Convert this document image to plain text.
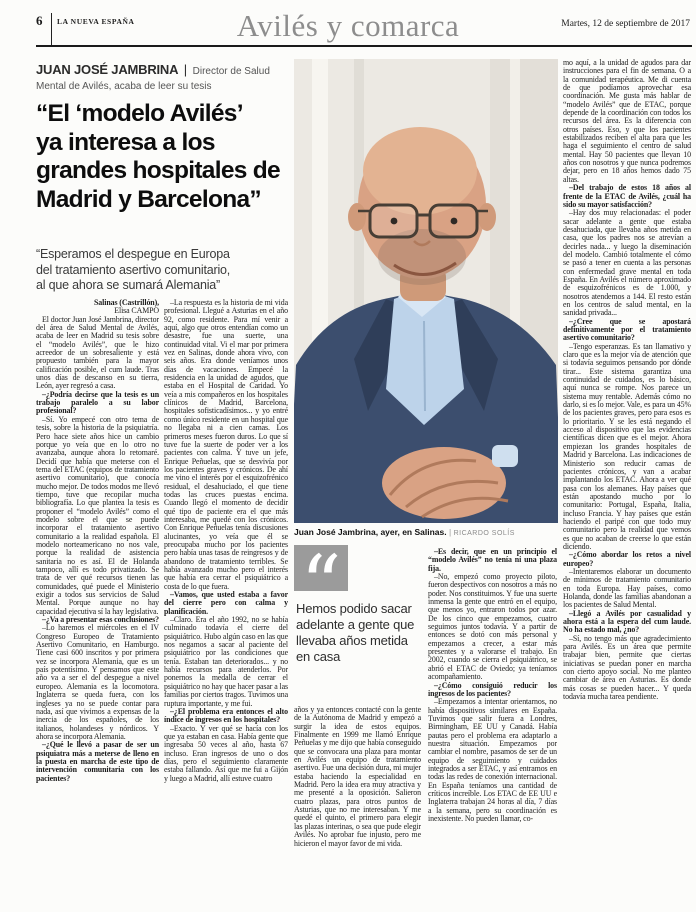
6 LA NUEVA ESPAÑA	Avilés y comarca	Martes, 12 de septiembre de 2017
JUAN JOSÉ JAMBRINA | Director de Salud Mental de Avilés, acaba de leer su tesis
“El ‘modelo Avilés’
ya interesa a los
grandes hospitales de
Madrid y Barcelona”
“Esperamos el despegue en Europa
del tratamiento asertivo comunitario,
al que ahora se sumará Alemania”
Juan José Jambrina, ayer, en Salinas. | RICARDO SOLÍS
Hemos podido sacar adelante a gente que llevaba años metida en casa

Salinas (Castrillón),

Elisa CAMPO

El doctor Juan José Jambrina, director del área de Salud Mental de Avilés, acaba de leer en Madrid su tesis sobre el “modelo Avilés”, que le hizo acreedor de un sobresaliente y está propuesto también para la mayor calificación posible, el cum laude. Tras unos días de descanso en su tierra, León, ayer regresó a casa.

–¿Podría decirse que la tesis es un trabajo paralelo a su labor profesional?

–Sí. Yo empecé con otro tema de tesis, sobre la historia de la psiquiatría. Pero hace siete años hice un cambio porque yo veía que en lo otro no avanzaba, aunque ahora lo retomaré. Decidí que había que meterse con el tema del ETAC (equipos de tratamiento asertivo comunitario), que conocía mucho mejor. De todos modos me llevó tiempo, tuve que recopilar mucha bibliografía. Lo que plantea la tesis es proponer el “modelo Avilés” como el modelo sobre el que se puede incorporar el tratamiento asertivo comunitario a la realidad española. El modelo norteamericano no nos vale, porque la realidad de asistencia sanitaria no es así. El de Holanda tampoco, allí es todo privatizado. Se trata de ver qué recursos tienen las comunidades, qué puede el Ministerio exigir a todos sus servicios de Salud Mental. Porque aunque no hay capacidad ejecutiva sí la hay legislativa.

–¿Va a presentar esas conclusiones?

–Lo haremos el miércoles en el IV Congreso Europeo de Tratamiento Asertivo Comunitario, en Hamburgo. Tiene casi 600 inscritos y por primera vez se incorpora Alemania, que es un país potentísimo. Y pensamos que este año va a ser el del despegue a nivel europeo. Alemania es la locomotora. Inglaterra se queda fuera, con los ingleses ya no se puede contar para nada, así que vivimos a expensas de la inercia de los españoles, de los italianos, holandeses y nórdicos. Y ahora se incorpora Alemania.

–¿Qué le llevó a pasar de ser un psiquiatra más a meterse de lleno en la puesta en marcha de este tipo de intervención comunitaria con los pacientes?

–La respuesta es la historia de mi vida profesional. Llegué a Asturias en el año 92, como residente. Para mí venir a aquí, algo que otros entendían como un desastre, fue una suerte, una continuidad vital. Vi el mar por primera vez en Salinas, donde ahora vivo, con seis años. Era donde veníamos unos días de vacaciones. Empecé la residencia en la unidad de agudos, que estaba en el Hospital de Caridad. Yo veía a mis compañeros en los hospitales clínicos de Madrid, Barcelona, hospitales sofisticadísimos... y yo entré como único residente en un hospital que no llegaba ni a cien camas. Los primeros meses fueron duros. Lo que sí tuve fue la suerte de poder ver a los pacientes con calma. Y tuve un jefe, Enrique Peñuelas, que se desvivía por los pacientes graves y crónicos. De ahí me vino el interés por el esquizofrénico residual, el desahuciado, el que tiene todas las cruces puestas encima. Cuando llegó el momento de decidir qué tipo de paciente era el que más interesaba, me quedé con los crónicos. Con Enrique Peñuelas tenía discusiones alucinantes, yo veía que él se preocupaba mucho por los pacientes pero había unas tasas de reingresos y de abandono de tratamiento terribles. Se había avanzado mucho pero el interés que había era cerrar el psiquiátrico a costa de lo que fuera.

–Vamos, que usted estaba a favor del cierre pero con calma y planificación.

–Claro. Era el año 1992, no se había culminado todavía el cierre del psiquiátrico. Hubo algún caso en las que nos negamos a sacar al paciente del psiquiátrico por las condiciones que tenía. Estaban tan deteriorados... y no había recursos para atenderlos. Por ponernos la medalla de cerrar el psiquiátrico no hay que hacer pasar a las familias por ciertos tragos. Tuvimos una ruptura importante, y me fui.

–¿El problema era entonces el alto índice de ingresos en los hospitales?

–Exacto. Y ver qué se hacía con los que ya estaban en casa. Había gente que ingresaba 50 veces al año, hasta 67 incluso. Eran ingresos de uno o dos días, pero el seguimiento claramente estaba fallando. Así que me fui a Gijón y luego a Madrid, allí estuve cuatro

años y ya entonces contacté con la gente de la Autónoma de Madrid y empezó a surgir la idea de estos equipos. Finalmente en 1999 me llamó Enrique Peñuelas y me dijo que había conseguido que se convocara una plaza para montar en Avilés un equipo de tratamiento asertivo. Fue una decisión dura, mi mujer estaba haciendo la especialidad en Madrid. Pero la idea era muy atractiva y me presenté a la oposición. Salieron cuatro plazas, para otros puntos de Asturias, que no me interesaban. Y me quedé el quinto, el primero para elegir las plazas interinas, o sea que pude elegir Avilés. No aprobar fue injusto, pero me hicieron el mayor favor de mi vida.

–Es decir, que en un principio el “modelo Avilés” no tenía ni una plaza fija.

–No, empezó como proyecto piloto, fueron despectivos con nosotros a más no poder. Nos constituimos. Y fue una suerte inmensa la gente que entró en el equipo, que menos yo, entraron todos por azar. De los cinco que empezamos, cuatro seguimos juntos todavía. Y a partir de entonces se dotó con más personal y empezamos a crecer, a estar más presentes y a valorarse el trabajo. En 2002, cuando se cierra el psiquiátrico, se abrió el ETAC de Oviedo; ya teníamos acompañamiento.

–¿Cómo consiguió reducir los ingresos de los pacientes?

–Empezamos a intentar orientarnos, no había dispositivos similares en España. Tuvimos que salir fuera a Londres, Birmingham, EE UU y Canadá. Había pautas pero el problema era adaptarlo a nuestra situación. Empezamos por cambiar el nombre, pasamos de ser de un equipo de seguimiento y cuidados integrados a ser ETAC, y así entramos en todas las redes de conexión internacional. En España teníamos una cantidad de críticos increíble. Los ETAC de EE UU e Inglaterra trabajan 24 horas al día, 7 días a la semana, pero su coordinación es inexistente. No pueden llamar, co-

mo aquí, a la unidad de agudos para dar instrucciones para el fin de semana. O a la comunidad terapéutica. Me di cuenta de que podíamos aprovechar esa coordinación. Me gusta más hablar de “modelo Avilés” que de ETAC, porque depende de la coordinación con todos los recursos del área. Es la diferencia con otros países. Eso, y que los pacientes estabilizados reciben el alta para que les haga el seguimiento el centro de salud mental. Hay 50 pacientes que llevan 10 años con nosotros y que nunca podremos dejar, pero en 18 años hemos dado 75 altas.

–Del trabajo de estos 18 años al frente de la ETAC de Avilés, ¿cuál ha sido su mayor satisfacción?

–Hay dos muy relacionadas: el poder sacar adelante a gente que estaba desahuciada, que llevaba años metida en casa, que los padres nos se atrevían a decirles nada... y luego la diseminación del modelo. Cambió totalmente el cómo se pasó a tener en cuenta a las personas con enfermedad grave mental en toda España. En Avilés el número aproximado de esquizofrénicos es de 1.000, y nosotros atendemos a 144. El resto están en los centros de salud mental, en la sanidad privada...

–¿Cree que se apostará definitivamente por el tratamiento asertivo comunitario?

–Tengo esperanzas. Es tan llamativo y claro que es la mejor vía de atención que si todavía seguimos pensando por dónde tirar... Este sistema garantiza una continuidad de cuidados, es lo básico, aquí nunca se rompe. Nos parece un sistema muy rentable. Además cómo no darlo, si es lo mejor. Vale, es para un 45% de los pacientes graves, pero para esos es lo prioritario. Y se les está negando el acceso al dispositivo que las evidencias científicas dicen que es el mejor. Ahora empiezan los grandes hospitales de Madrid y Barcelona. Las indicaciones de Ministerio son reducir camas de pacientes crónicos, y van a acabar implantando los ETAC. Ahora a ver qué pasa con los alemanes. Hay países que están apostando mucho por lo comunitario: Portugal, España, Italia, incluso Francia. Y hay países que están haciendo el paripé con que todo muy comunitario pero la realidad que vemos es que no acaban de creerse lo que están diciendo.

–¿Cómo abordar los retos a nivel europeo?

–Intentaremos elaborar un documento de mínimos de tratamiento comunitario en toda Europa. Hay países, como Holanda, donde las familias abandonan a los pacientes de Salud Mental.

–Llegó a Avilés por casualidad y ahora está a la espera del cum laude. No ha estado mal, ¿no?

–Sí, no tengo más que agradecimiento para Avilés. Es un área que permite trabajar bien, permite que ciertas iniciativas se puedan poner en marcha con cierto apoyo social. No me planteo cambiar de área en Asturias. Es donde más cosas se pueden hacer... Y queda todavía mucha tarea pendiente.
